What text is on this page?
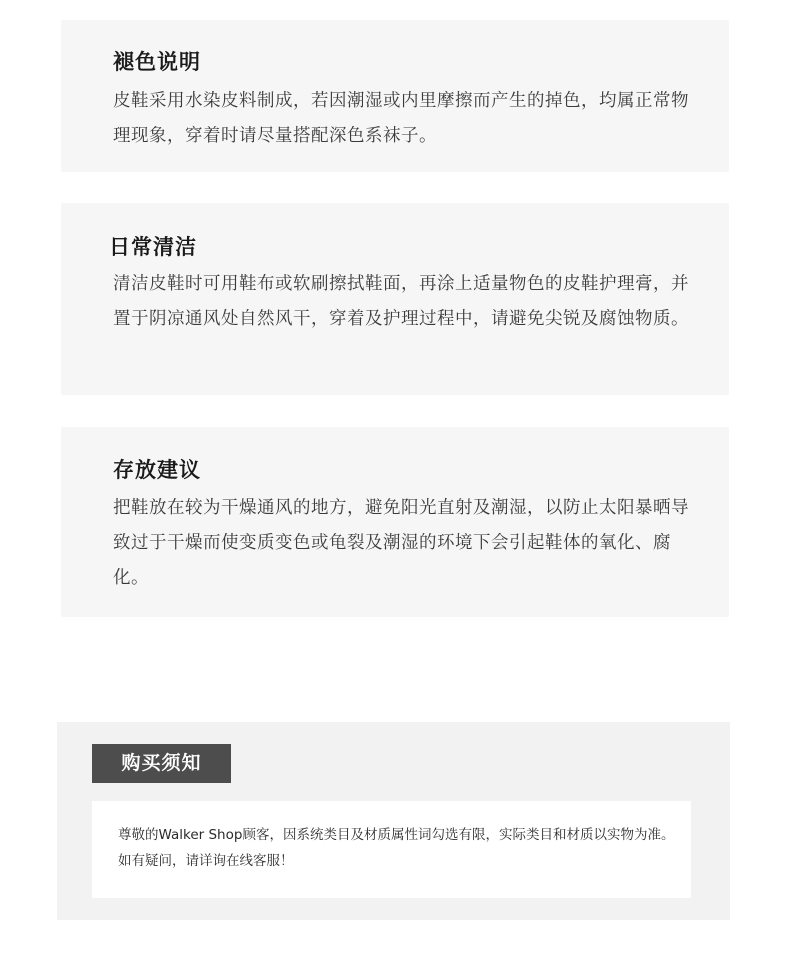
褪色说明

皮鞋采用水染皮料制成，若因潮湿或内里摩擦而产生的掉色，均属正常物理现象，穿着时请尽量搭配深色系袜子。

日常清洁

清洁皮鞋时可用鞋布或软刷擦拭鞋面，再涂上适量物色的皮鞋护理膏，并置于阴凉通风处自然风干，穿着及护理过程中，请避免尖锐及腐蚀物质。

存放建议

把鞋放在较为干燥通风的地方，避免阳光直射及潮湿，以防止太阳暴晒导致过于干燥而使变质变色或龟裂及潮湿的环境下会引起鞋体的氧化、腐化。

购买须知

尊敬的Walker Shop顾客，因系统类目及材质属性词勾选有限，实际类目和材质以实物为准。如有疑问，请详询在线客服！
